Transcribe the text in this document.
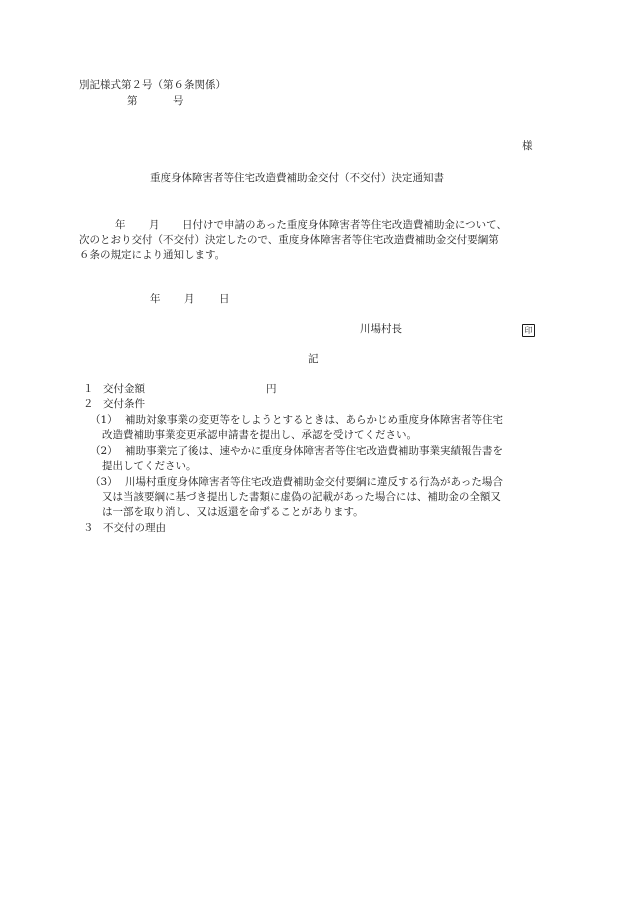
別記様式第２号（第６条関係）
第	号
様
重度身体障害者等住宅改造費補助金交付（不交付）決定通知書
年 月 日付けで申請のあった重度身体障害者等住宅改造費補助金について、
次のとおり交付（不交付）決定したので、重度身体障害者等住宅改造費補助金交付要綱第
６条の規定により通知します。
年 月 日
川場村長	印
記
１ 交付金額	円
２ 交付条件
（1） 補助対象事業の変更等をしようとするときは、あらかじめ重度身体障害者等住宅
改造費補助事業変更承認申請書を提出し、承認を受けてください。
（2） 補助事業完了後は、速やかに重度身体障害者等住宅改造費補助事業実績報告書を
提出してください。
（3） 川場村重度身体障害者等住宅改造費補助金交付要綱に違反する行為があった場合
又は当該要綱に基づき提出した書類に虚偽の記載があった場合には、補助金の全額又
は一部を取り消し、又は返還を命ずることがあります。
３ 不交付の理由
